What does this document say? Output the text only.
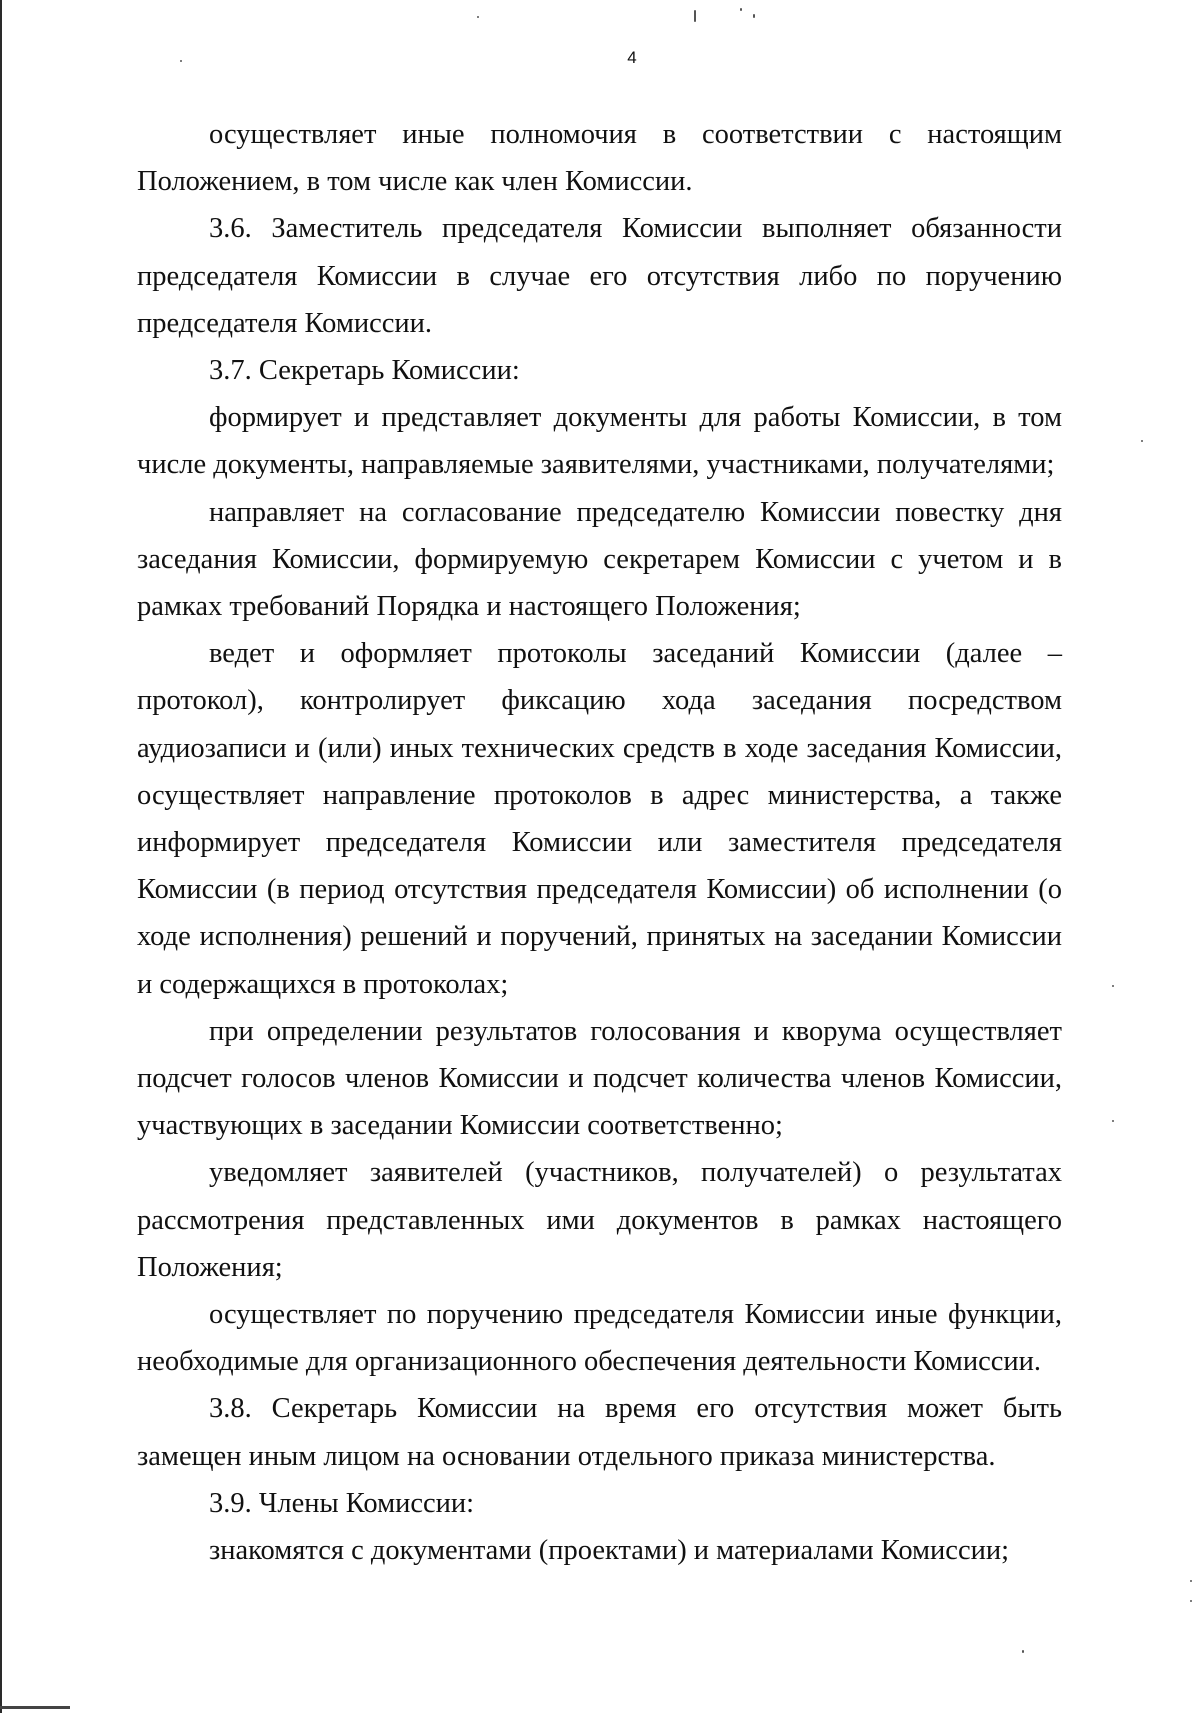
4

осуществляет иные полномочия в соответствии с настоящим Положением, в том числе как член Комиссии.

3.6. Заместитель председателя Комиссии выполняет обязанности председателя Комиссии в случае его отсутствия либо по поручению председателя Комиссии.

3.7. Секретарь Комиссии:

формирует и представляет документы для работы Комиссии, в том числе документы, направляемые заявителями, участниками, получателями;

направляет на согласование председателю Комиссии повестку дня заседания Комиссии, формируемую секретарем Комиссии с учетом и в рамках требований Порядка и настоящего Положения;

ведет и оформляет протоколы заседаний Комиссии (далее – протокол), контролирует фиксацию хода заседания посредством аудиозаписи и (или) иных технических средств в ходе заседания Комиссии, осуществляет направление протоколов в адрес министерства, а также информирует председателя Комиссии или заместителя председателя Комиссии (в период отсутствия председателя Комиссии) об исполнении (о ходе исполнения) решений и поручений, принятых на заседании Комиссии и содержащихся в протоколах;

при определении результатов голосования и кворума осуществляет подсчет голосов членов Комиссии и подсчет количества членов Комиссии, участвующих в заседании Комиссии соответственно;

уведомляет заявителей (участников, получателей) о результатах рассмотрения представленных ими документов в рамках настоящего Положения;

осуществляет по поручению председателя Комиссии иные функции, необходимые для организационного обеспечения деятельности Комиссии.

3.8. Секретарь Комиссии на время его отсутствия может быть замещен иным лицом на основании отдельного приказа министерства.

3.9. Члены Комиссии:

знакомятся с документами (проектами) и материалами Комиссии;
